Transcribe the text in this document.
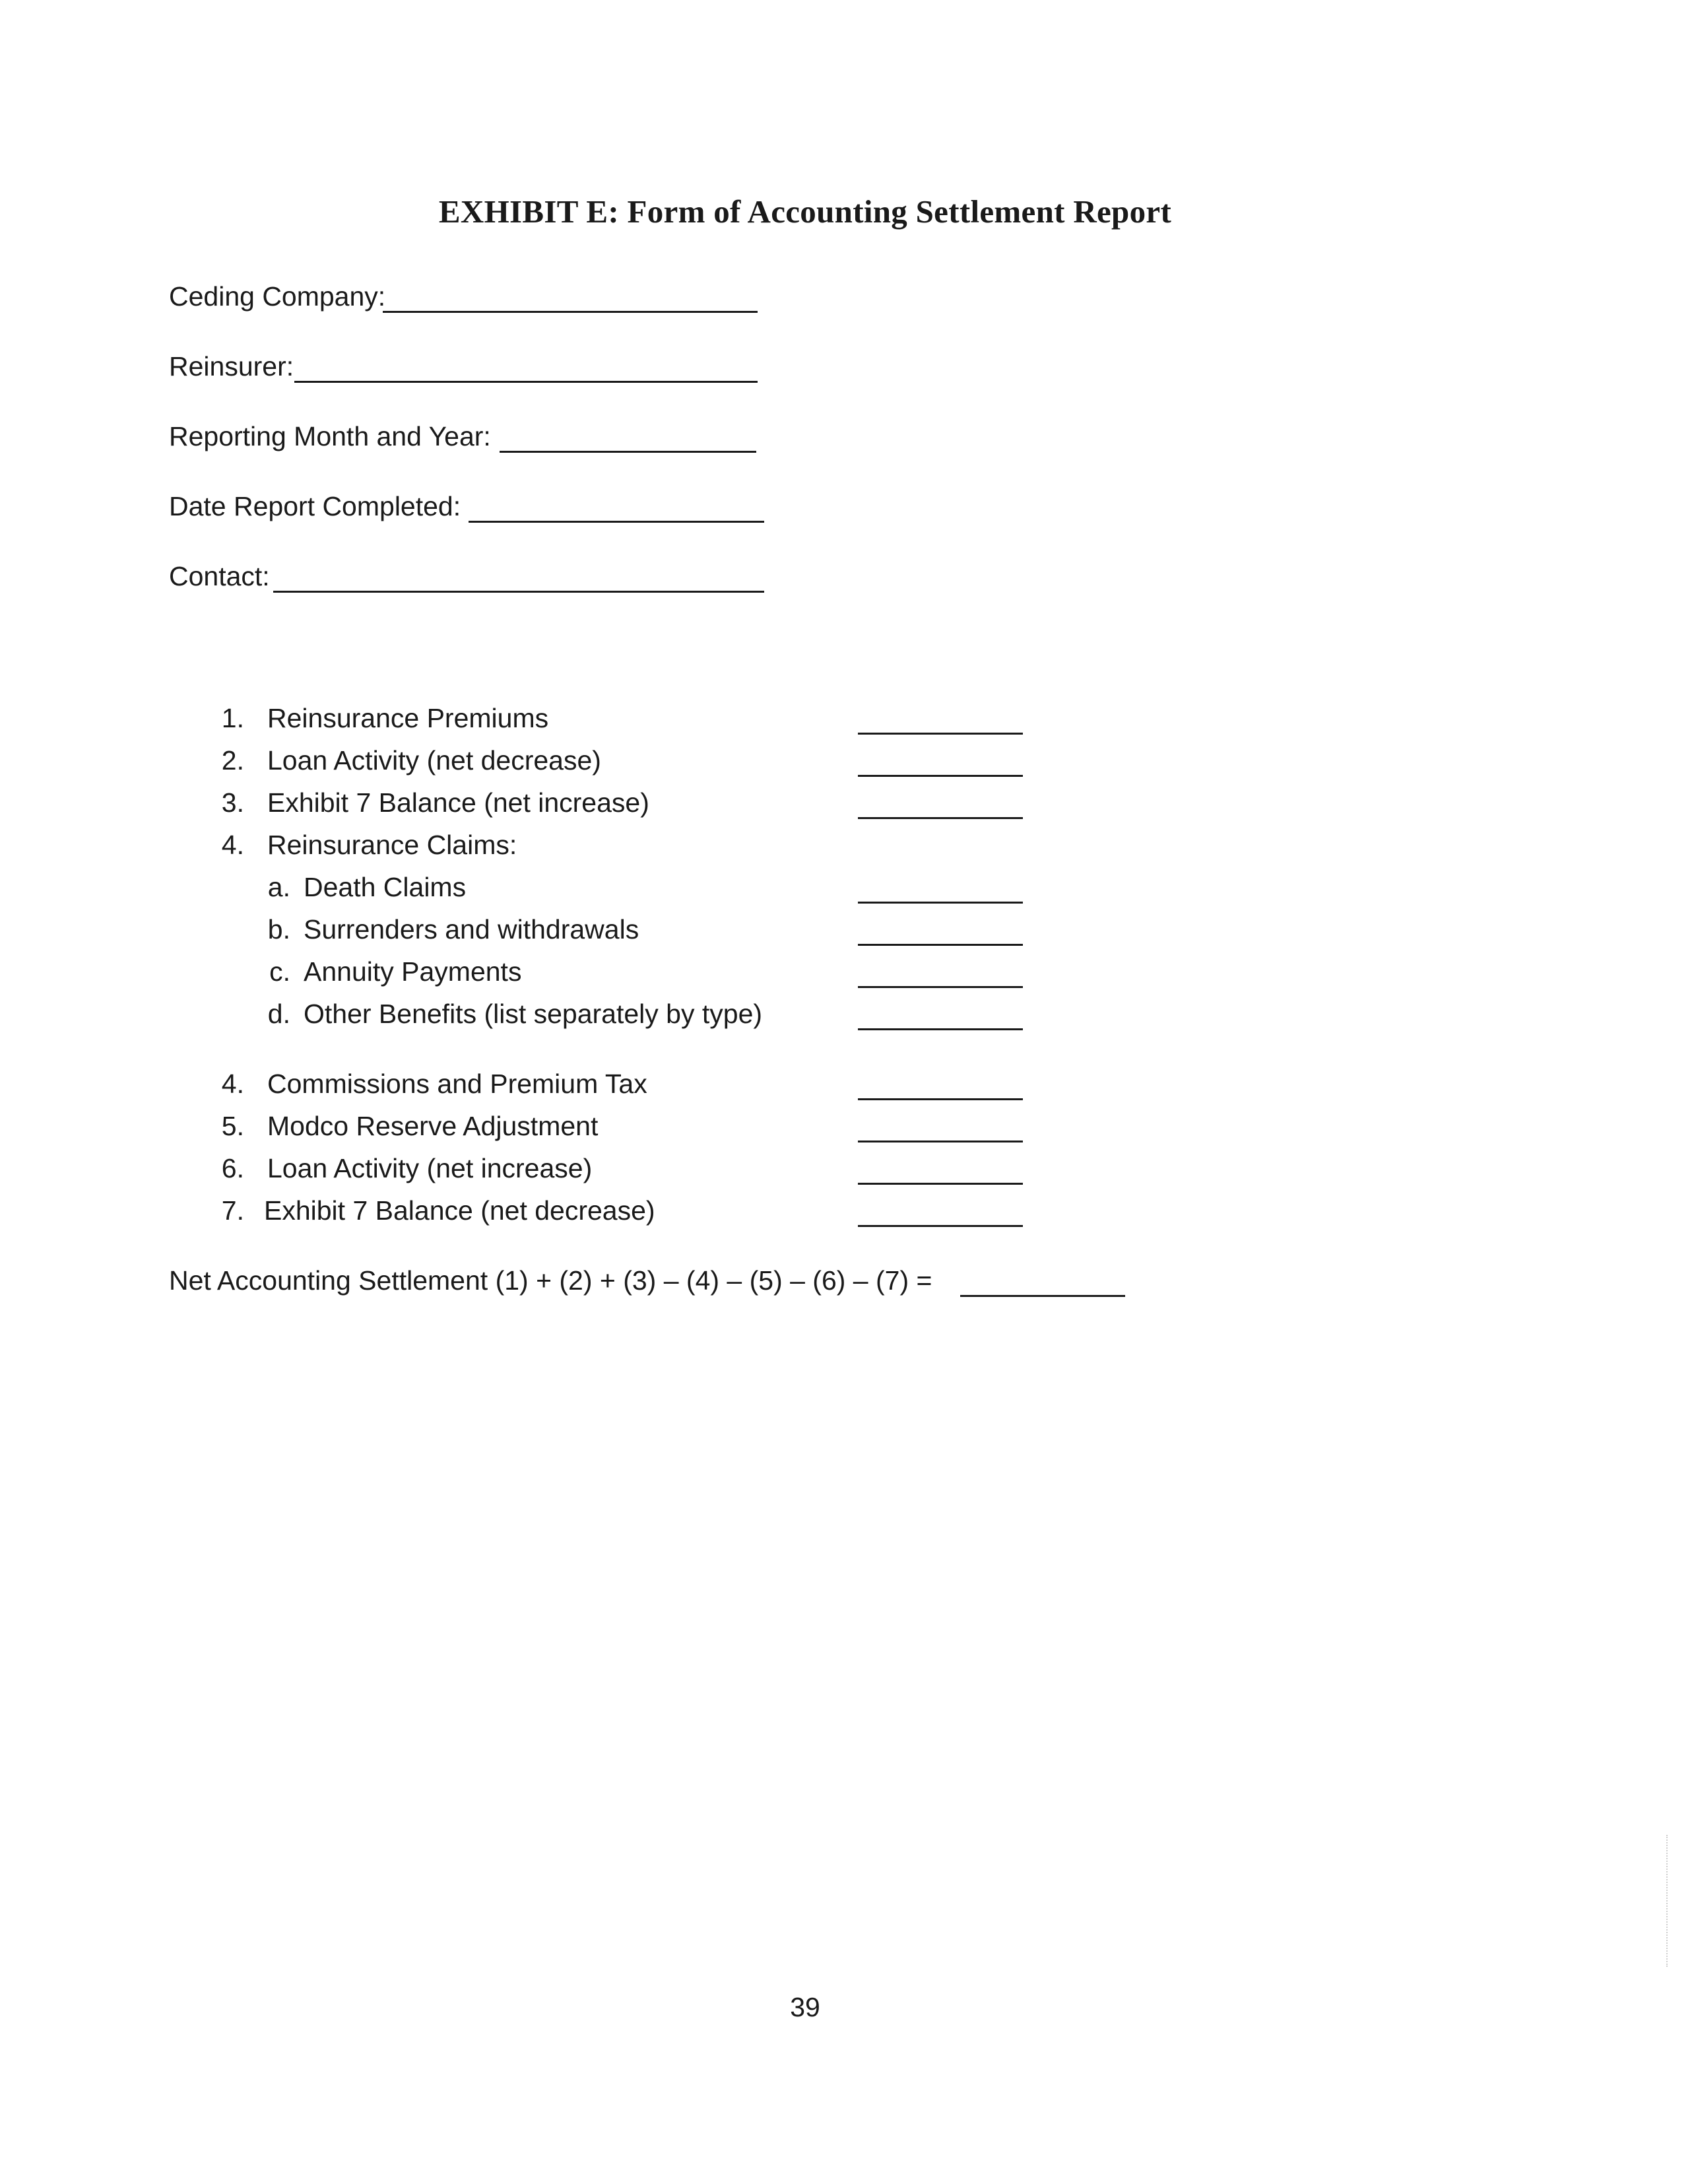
EXHIBIT E: Form of Accounting Settlement Report
Ceding Company:
Reinsurer:
Reporting Month and Year:
Date Report Completed:
Contact:
1. Reinsurance Premiums
2. Loan Activity (net decrease)
3. Exhibit 7 Balance (net increase)
4. Reinsurance Claims:
a. Death Claims
b. Surrenders and withdrawals
c. Annuity Payments
d. Other Benefits (list separately by type)
4. Commissions and Premium Tax
5. Modco Reserve Adjustment
6. Loan Activity (net increase)
7. Exhibit 7 Balance (net decrease)
Net Accounting Settlement (1) + (2) + (3) – (4) – (5) – (6) – (7) =
39
